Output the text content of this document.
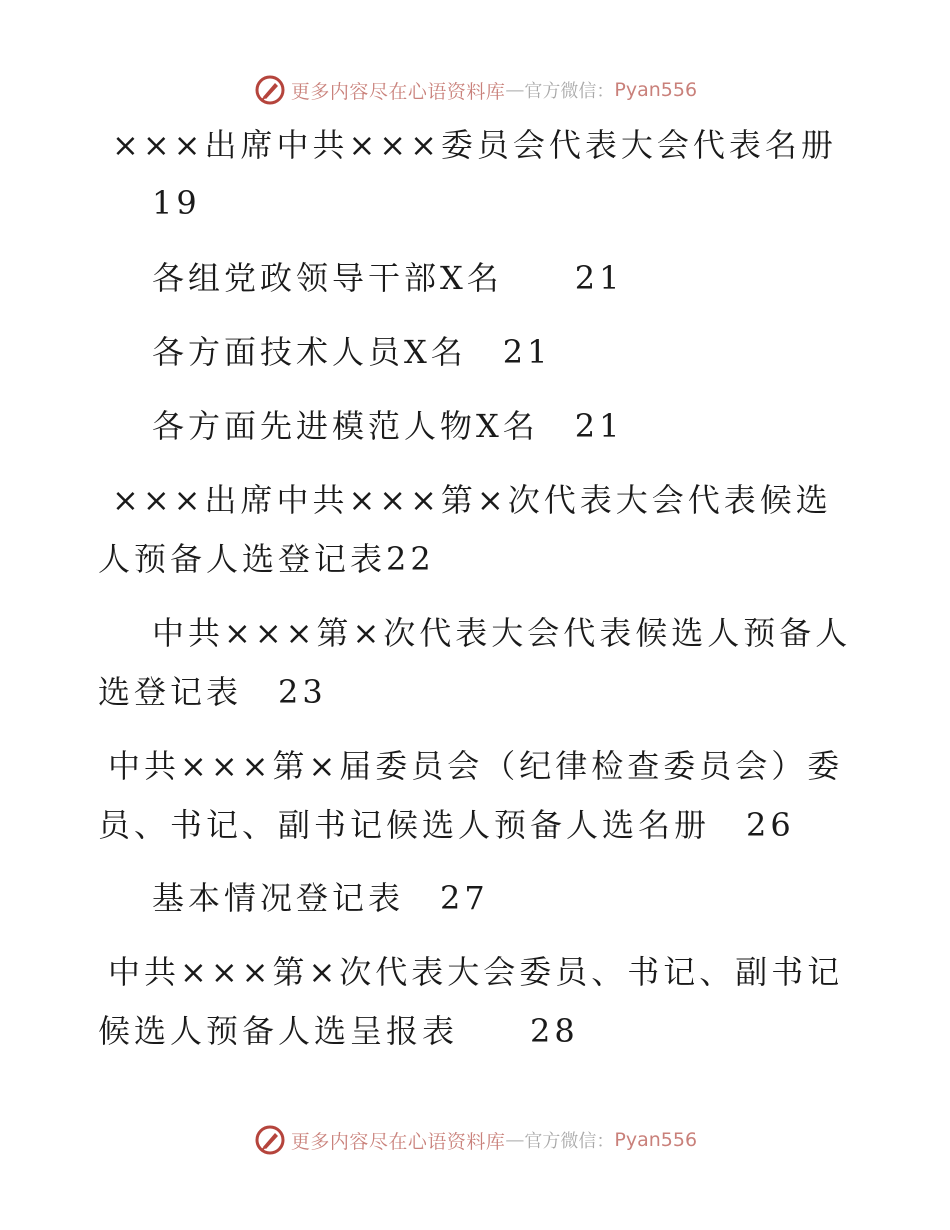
更多内容尽在心语资料库 — 官方微信： Pyan556
×××出席中共×××委员会代表大会代表名册
19
各组党政领导干部X名　　21
各方面技术人员X名　21
各方面先进模范人物X名　21
×××出席中共×××第×次代表大会代表候选
人预备人选登记表22
中共×××第×次代表大会代表候选人预备人
选登记表　23
中共×××第×届委员会（纪律检查委员会）委
员、书记、副书记候选人预备人选名册　26
基本情况登记表　27
中共×××第×次代表大会委员、书记、副书记
候选人预备人选呈报表　　28
更多内容尽在心语资料库 — 官方微信： Pyan556
